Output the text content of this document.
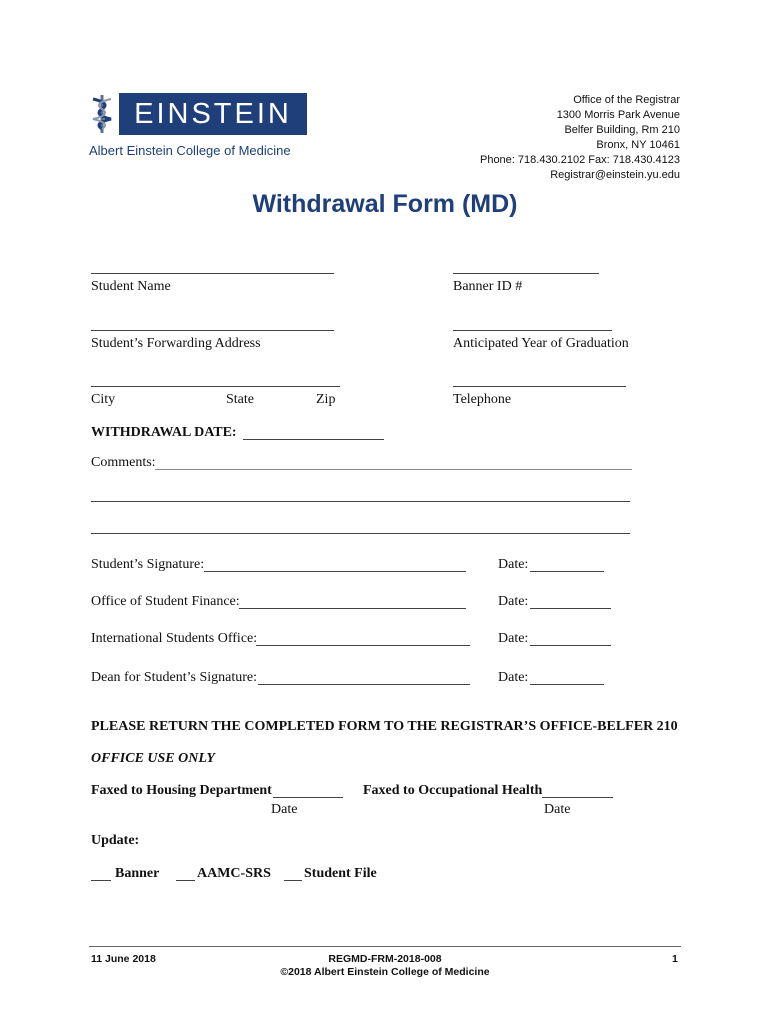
EINSTEIN
Albert Einstein College of Medicine
Office of the Registrar
1300 Morris Park Avenue
Belfer Building, Rm 210
Bronx, NY 10461
Phone: 718.430.2102 Fax: 718.430.4123
Registrar@einstein.yu.edu
Withdrawal Form (MD)
Student Name	Banner ID #
Student’s Forwarding Address	Anticipated Year of Graduation
City	State	Zip	Telephone
WITHDRAWAL DATE:
Comments:
Student’s Signature:	Date:
Office of Student Finance:	Date:
International Students Office:	Date:
Dean for Student’s Signature:	Date:
PLEASE RETURN THE COMPLETED FORM TO THE REGISTRAR’S OFFICE-BELFER 210
OFFICE USE ONLY
Faxed to Housing Department
Date
Faxed to Occupational Health
Date
Update:
Banner	AAMC-SRS Student File
11 June 2018	REGMD-FRM-2018-008
©2018 Albert Einstein College of Medicine
1
